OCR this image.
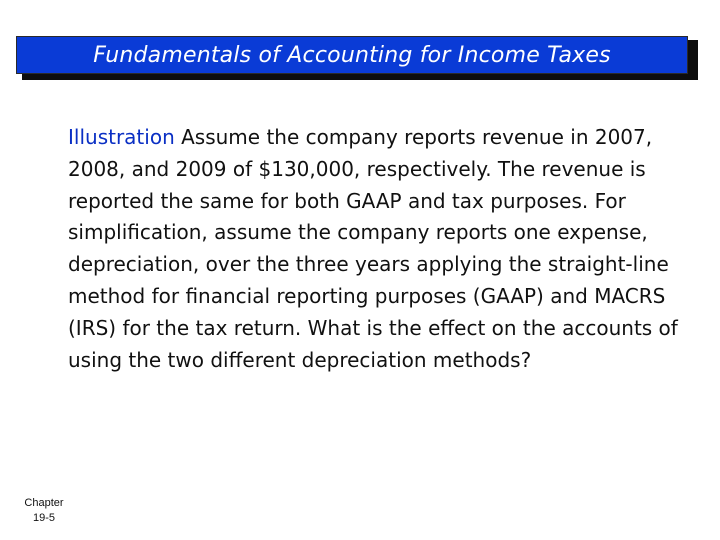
Fundamentals of Accounting for Income Taxes

Illustration Assume the company reports revenue in 2007, 2008, and 2009 of $130,000, respectively. The revenue is reported the same for both GAAP and tax purposes. For simplification, assume the company reports one expense, depreciation, over the three years applying the straight-line method for financial reporting purposes (GAAP) and MACRS (IRS) for the tax return. What is the effect on the accounts of using the two different depreciation methods?

Chapter
19-5
